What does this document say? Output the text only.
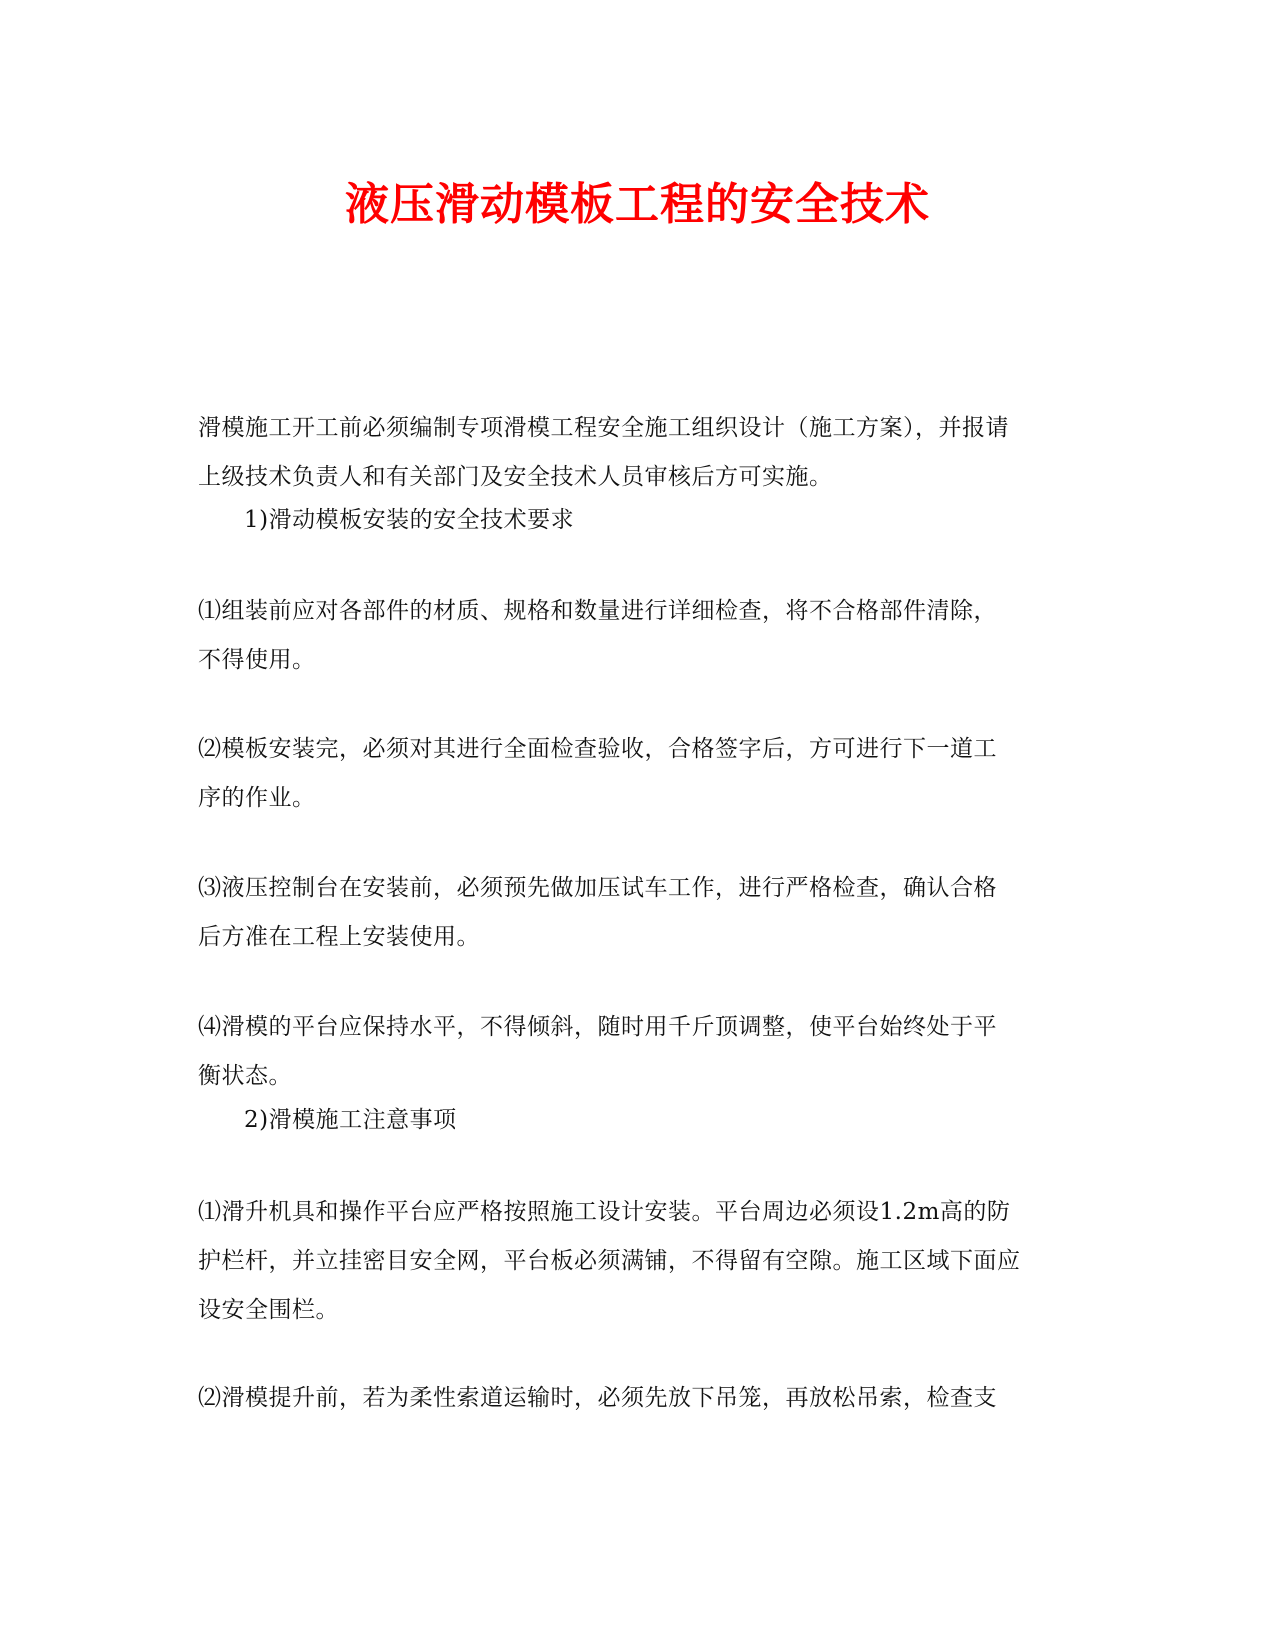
液压滑动模板工程的安全技术
滑模施工开工前必须编制专项滑模工程安全施工组织设计（施工方案），并报请
上级技术负责人和有关部门及安全技术人员审核后方可实施。
1)滑动模板安装的安全技术要求
⑴组装前应对各部件的材质、规格和数量进行详细检查，将不合格部件清除，
不得使用。
⑵模板安装完，必须对其进行全面检查验收，合格签字后，方可进行下一道工
序的作业。
⑶液压控制台在安装前，必须预先做加压试车工作，进行严格检查，确认合格
后方准在工程上安装使用。
⑷滑模的平台应保持水平，不得倾斜，随时用千斤顶调整，使平台始终处于平
衡状态。
2)滑模施工注意事项
⑴滑升机具和操作平台应严格按照施工设计安装。平台周边必须设1.2m高的防
护栏杆，并立挂密目安全网，平台板必须满铺，不得留有空隙。施工区域下面应
设安全围栏。
⑵滑模提升前，若为柔性索道运输时，必须先放下吊笼，再放松吊索，检查支
